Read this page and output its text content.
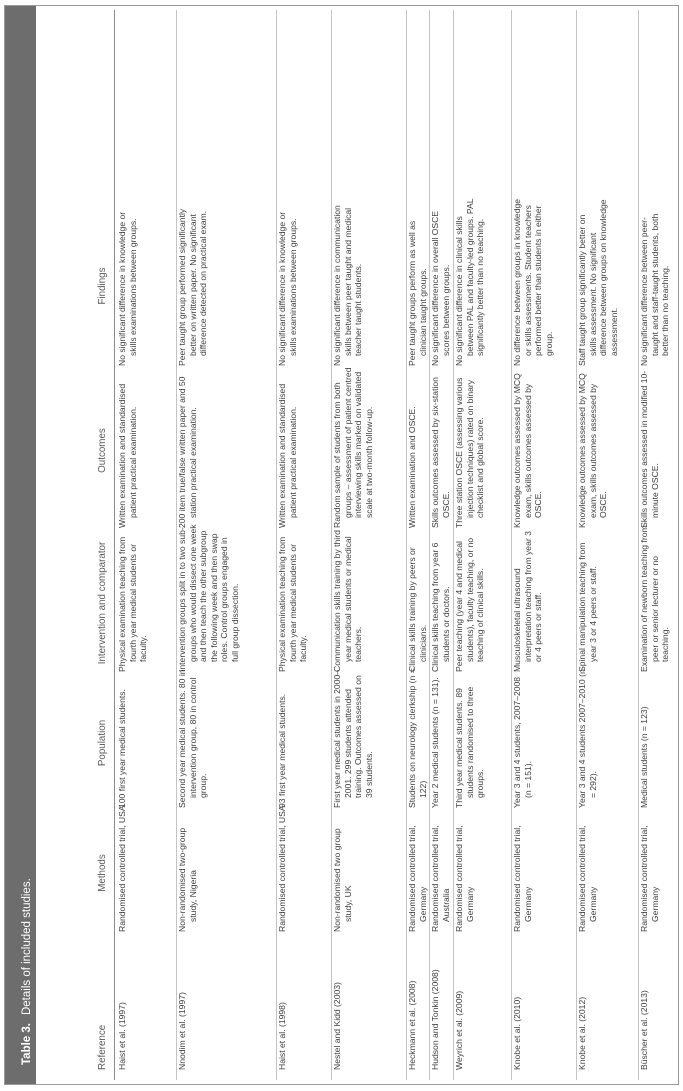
Table 3.Details of included studies.
Reference
Methods
Population
Intervention and comparator
Outcomes
Findings
Haist et al. (1997)
Randomised controlled trial, USA
100 first year medical students.
Physical examination teaching from fourth year medical students or faculty.
Written examination and standardised patient practical examination.
No significant difference in knowledge or skills examinations between groups.
Nnodim et al. (1997)
Non-randomised two-group study, Nigeria
Second year medical students. 80 in intervention group, 80 in control group.
Intervention groups split in to two sub-groups who would dissect one week and then teach the other subgroup the following week and then swap roles. Control groups engaged in full group dissection.
200 item true/false written paper and 50 station practical examination.
Peer taught group performed significantly better on written paper. No significant difference detected on practical exam.
Haist et al. (1998)
Randomised controlled trial, USA
93 first year medical students.
Physical examination teaching from fourth year medical students or faculty.
Written examination and standardised patient practical examination.
No significant difference in knowledge or skills examinations between groups.
Nestel and Kidd (2003)
Non-randomised two group study, UK
First year medical students in 2000–2001. 299 students attended training. Outcomes assessed on 39 students.
Communication skills training by third year medical students or medical teachers.
Random sample of students from both groups – assessment of patient centred interviewing skills marked on validated scale at two-month follow-up.
No significant difference in communication skills between peer taught and medical teacher taught students.
Heckmann et al. (2008)
Randomised controlled trial, Germany
Students on neurology clerkship (n = 122)
Clinical skills training by peers or clinicians.
Written examination and OSCE.
Peer taught groups perform as well as clinician taught groups.
Hudson and Tonkin (2008)
Randomised controlled trial, Australia
Year 2 medical students (n = 131).
Clinical skills teaching from year 6 students or doctors.
Skills outcomes assessed by six-station OSCE.
No significant difference in overall OSCE scores between groups.
Weyrich et al. (2009)
Randomised controlled trial, Germany
Third year medical students. 89 students randomised to three groups.
Peer teaching (year 4 and medical students), faculty teaching, or no teaching of clinical skills.
Three station OSCE (assessing various injection techniques) rated on binary checklist and global score.
No significant difference in clinical skills between PAL and faculty-led groups. PAL significantly better than no teaching.
Knobe et al. (2010)
Randomised controlled trial, Germany
Year 3 and 4 students, 2007–2008 (n = 151).
Musculoskeletal ultrasound interpretation teaching from year 3 or 4 peers or staff.
Knowledge outcomes assessed by MCQ exam, skills outcomes assessed by OSCE.
No difference between groups in knowledge or skills assessments. Student teachers performed better than students in either group.
Knobe et al. (2012)
Randomised controlled trial, Germany
Year 3 and 4 students 2007–2010 (n = 292).
Spinal manipulation teaching from year 3 or 4 peers or staff.
Knowledge outcomes assessed by MCQ exam, skills outcomes assessed by OSCE.
Staff taught group significantly better on skills assessment. No significant difference between groups on knowledge assessment.
Büscher et al. (2013)
Randomised controlled trial, Germany
Medical students (n = 123)
Examination of newborn teaching from peer or senior lecturer or no teaching.
Skills outcomes assessed in modified 10-minute OSCE.
No significant difference between peer-taught and staff-taught students, both better than no teaching.
